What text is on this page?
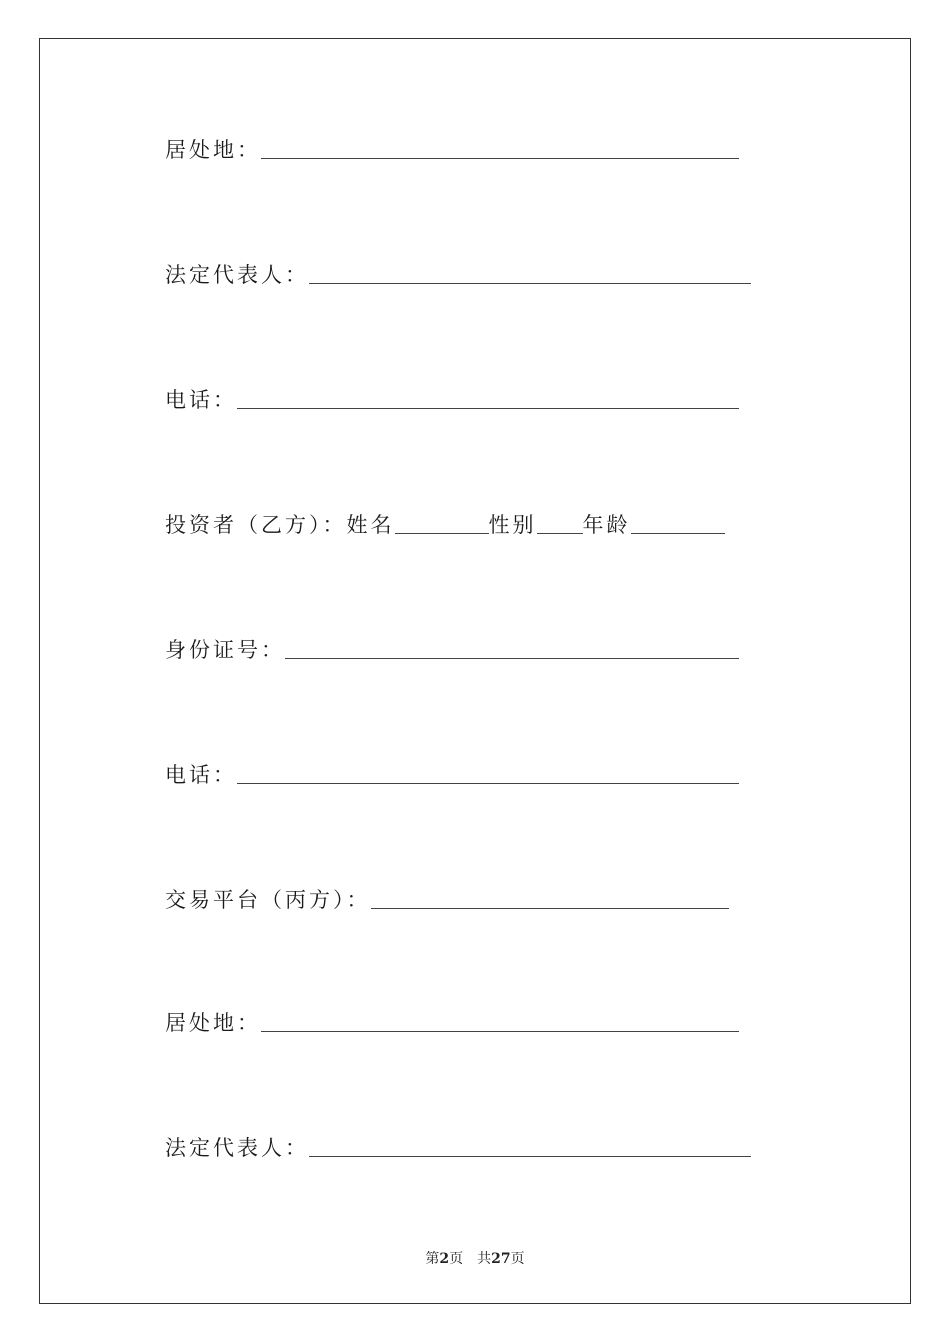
居处地：
法定代表人：
电话：
投资者（乙方）： 姓名	性别 年龄
身份证号：
电话：
交易平台（丙方）：
居处地：
法定代表人：
第2页 共27页
